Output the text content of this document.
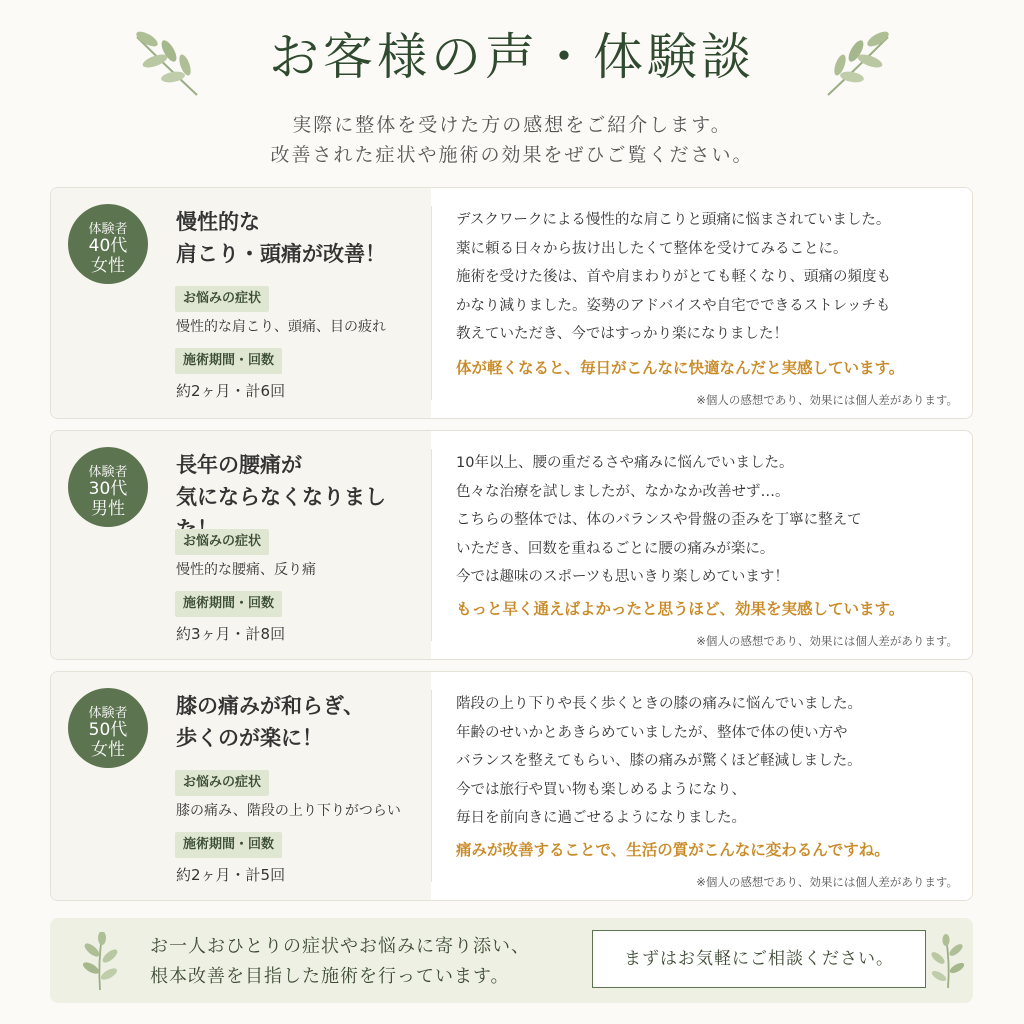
お客様の声・体験談
実際に整体を受けた方の感想をご紹介します。
改善された症状や施術の効果をぜひご覧ください。
体験者
40代
女性
慢性的な
肩こり・頭痛が改善！
お悩みの症状
慢性的な肩こり、頭痛、目の疲れ
施術期間・回数
約2ヶ月・計6回
デスクワークによる慢性的な肩こりと頭痛に悩まされていました。
薬に頼る日々から抜け出したくて整体を受けてみることに。
施術を受けた後は、首や肩まわりがとても軽くなり、頭痛の頻度も
かなり減りました。姿勢のアドバイスや自宅でできるストレッチも
教えていただき、今ではすっかり楽になりました！
体が軽くなると、毎日がこんなに快適なんだと実感しています。
※個人の感想であり、効果には個人差があります。
体験者
30代
男性
長年の腰痛が
気にならなくなりまし
お悩みの症状
慢性的な腰痛、反り痛
施術期間・回数
約3ヶ月・計8回
10年以上、腰の重だるさや痛みに悩んでいました。
色々な治療を試しましたが、なかなか改善せず…。
こちらの整体では、体のバランスや骨盤の歪みを丁寧に整えて
いただき、回数を重ねるごとに腰の痛みが楽に。
今では趣味のスポーツも思いきり楽しめています！
もっと早く通えばよかったと思うほど、効果を実感しています。
※個人の感想であり、効果には個人差があります。
体験者
50代
女性
膝の痛みが和らぎ、
歩くのが楽に！
お悩みの症状
膝の痛み、階段の上り下りがつらい
施術期間・回数
約2ヶ月・計5回
階段の上り下りや長く歩くときの膝の痛みに悩んでいました。
年齢のせいかとあきらめていましたが、整体で体の使い方や
バランスを整えてもらい、膝の痛みが驚くほど軽減しました。
今では旅行や買い物も楽しめるようになり、
毎日を前向きに過ごせるようになりました。
痛みが改善することで、生活の質がこんなに変わるんですね。
※個人の感想であり、効果には個人差があります。
お一人おひとりの症状やお悩みに寄り添い、
根本改善を目指した施術を行っています。
まずはお気軽にご相談ください。
